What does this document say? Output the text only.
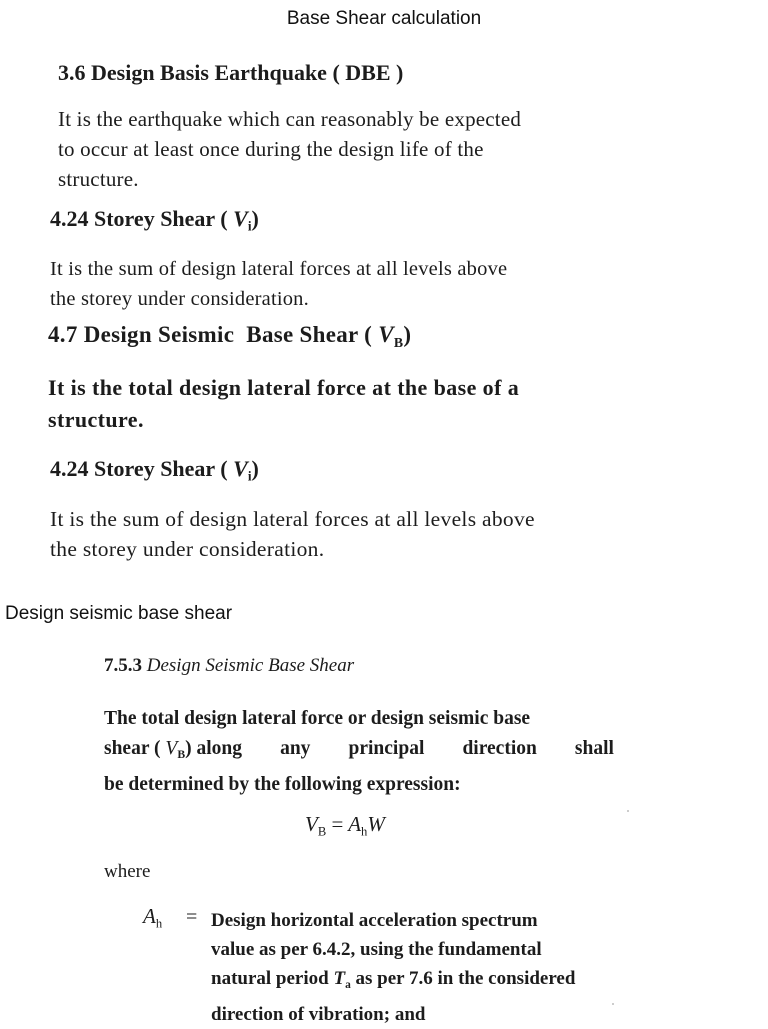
Base Shear calculation
3.6 Design Basis Earthquake ( DBE )

It is the earthquake which can reasonably be expected

to occur at least once during the design life of the

structure.

4.24 Storey Shear ( $V_i$)

It is the sum of design lateral forces at all levels above

the storey under consideration.

4.7 Design Seismic  Base Shear ( $V_B$)

It is the total design lateral force at the base of a

structure.

4.24 Storey Shear ( $V_i$)

It is the sum of design lateral forces at all levels above

the storey under consideration.

Design seismic base shear
7.5.3 Design Seismic Base Shear
The total design lateral force or design seismic base
shear ( $V_B$) along any principal direction shall
be determined by the following expression:
$V_B = A_hW$
where
$A_h$ = Design horizontal acceleration spectrum
value as per 6.4.2, using the fundamental
natural period $T_a$ as per 7.6 in the considered
direction of vibration; and
